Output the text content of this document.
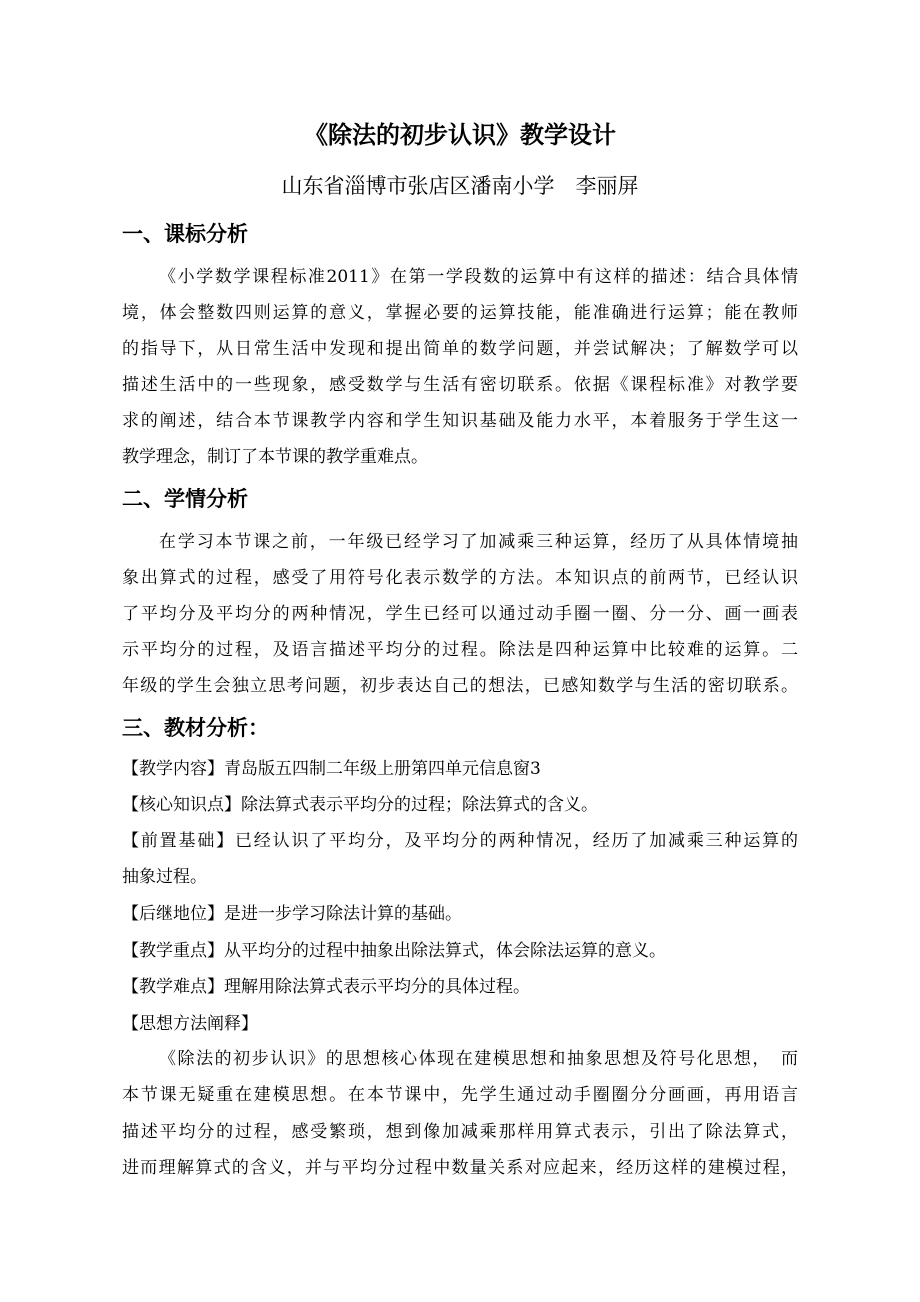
《除法的初步认识》教学设计
山东省淄博市张店区潘南小学　李丽屏
一、课标分析
《小学数学课程标准2011》在第一学段数的运算中有这样的描述：结合具体情
境，体会整数四则运算的意义，掌握必要的运算技能，能准确进行运算；能在教师
的指导下，从日常生活中发现和提出简单的数学问题，并尝试解决；了解数学可以
描述生活中的一些现象，感受数学与生活有密切联系。依据《课程标准》对教学要
求的阐述，结合本节课教学内容和学生知识基础及能力水平，本着服务于学生这一
教学理念，制订了本节课的教学重难点。
二、学情分析
在学习本节课之前，一年级已经学习了加减乘三种运算，经历了从具体情境抽
象出算式的过程，感受了用符号化表示数学的方法。本知识点的前两节，已经认识
了平均分及平均分的两种情况，学生已经可以通过动手圈一圈、分一分、画一画表
示平均分的过程，及语言描述平均分的过程。除法是四种运算中比较难的运算。二
年级的学生会独立思考问题，初步表达自己的想法，已感知数学与生活的密切联系。
三、教材分析：
【教学内容】青岛版五四制二年级上册第四单元信息窗3
【核心知识点】除法算式表示平均分的过程；除法算式的含义。
【前置基础】已经认识了平均分，及平均分的两种情况，经历了加减乘三种运算的
抽象过程。
【后继地位】是进一步学习除法计算的基础。
【教学重点】从平均分的过程中抽象出除法算式，体会除法运算的意义。
【教学难点】理解用除法算式表示平均分的具体过程。
【思想方法阐释】
《除法的初步认识》的思想核心体现在建模思想和抽象思想及符号化思想，　而
本节课无疑重在建模思想。在本节课中，先学生通过动手圈圈分分画画，再用语言
描述平均分的过程，感受繁琐，想到像加减乘那样用算式表示，引出了除法算式，
进而理解算式的含义，并与平均分过程中数量关系对应起来，经历这样的建模过程，
